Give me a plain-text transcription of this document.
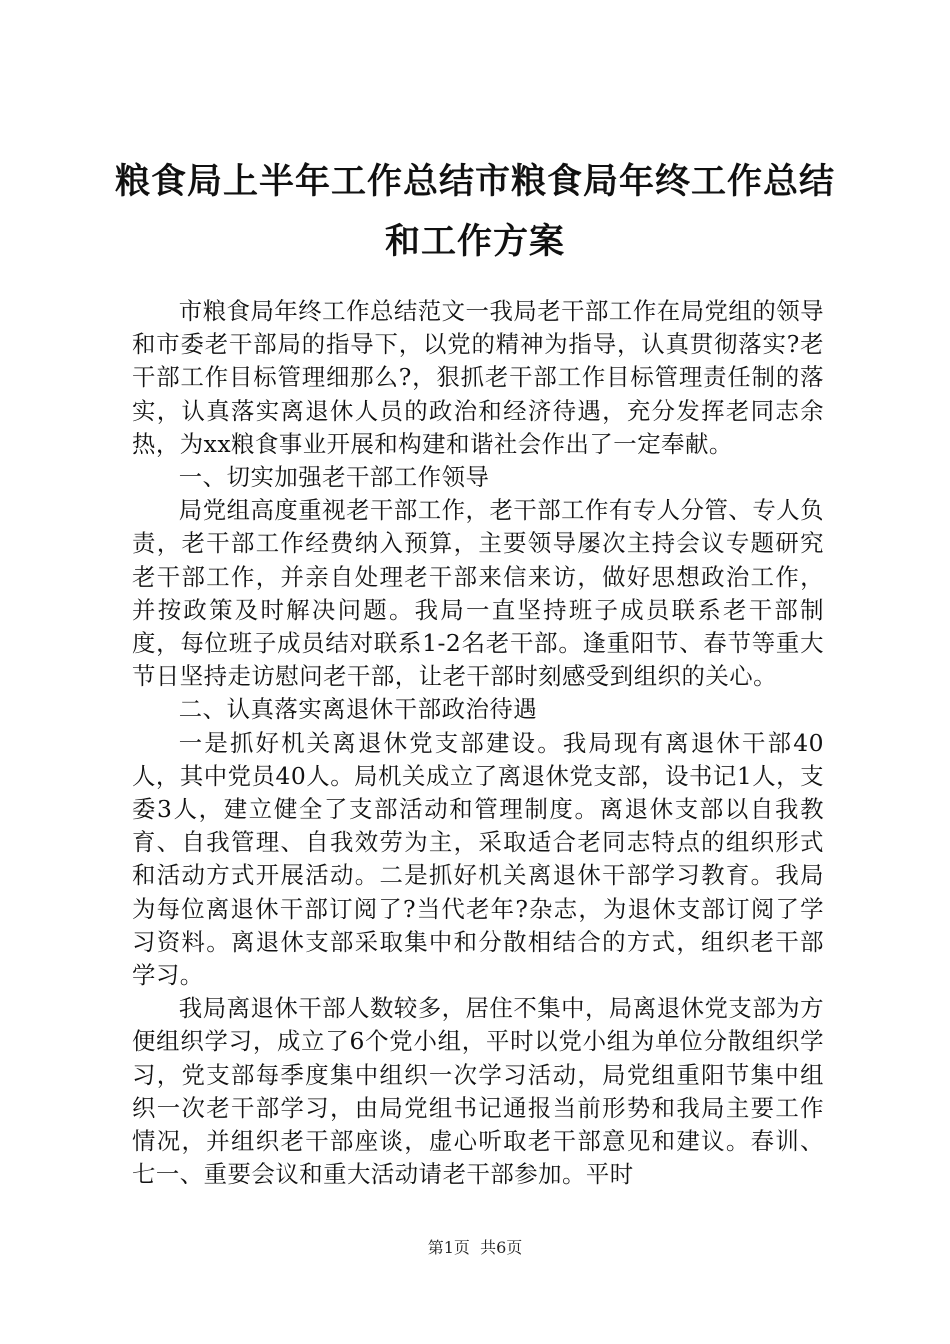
粮食局上半年工作总结市粮食局年终工作总结
和工作方案

市粮食局年终工作总结范文一我局老干部工作在局党组的领导和市委老干部局的指导下，以党的精神为指导，认真贯彻落实?老干部工作目标管理细那么?，狠抓老干部工作目标管理责任制的落实，认真落实离退休人员的政治和经济待遇，充分发挥老同志余热，为xx粮食事业开展和构建和谐社会作出了一定奉献。

一、切实加强老干部工作领导

局党组高度重视老干部工作，老干部工作有专人分管、专人负责，老干部工作经费纳入预算，主要领导屡次主持会议专题研究老干部工作，并亲自处理老干部来信来访，做好思想政治工作，并按政策及时解决问题。我局一直坚持班子成员联系老干部制度，每位班子成员结对联系1-2名老干部。逢重阳节、春节等重大节日坚持走访慰问老干部，让老干部时刻感受到组织的关心。

二、认真落实离退休干部政治待遇

一是抓好机关离退休党支部建设。我局现有离退休干部40人，其中党员40人。局机关成立了离退休党支部，设书记1人，支委3人，建立健全了支部活动和管理制度。离退休支部以自我教育、自我管理、自我效劳为主，采取适合老同志特点的组织形式和活动方式开展活动。二是抓好机关离退休干部学习教育。我局为每位离退休干部订阅了?当代老年?杂志，为退休支部订阅了学习资料。离退休支部采取集中和分散相结合的方式，组织老干部学习。

我局离退休干部人数较多，居住不集中，局离退休党支部为方便组织学习，成立了6个党小组，平时以党小组为单位分散组织学习，党支部每季度集中组织一次学习活动，局党组重阳节集中组织一次老干部学习，由局党组书记通报当前形势和我局主要工作情况，并组织老干部座谈，虚心听取老干部意见和建议。春训、七一、重要会议和重大活动请老干部参加。平时

第1页 共6页
